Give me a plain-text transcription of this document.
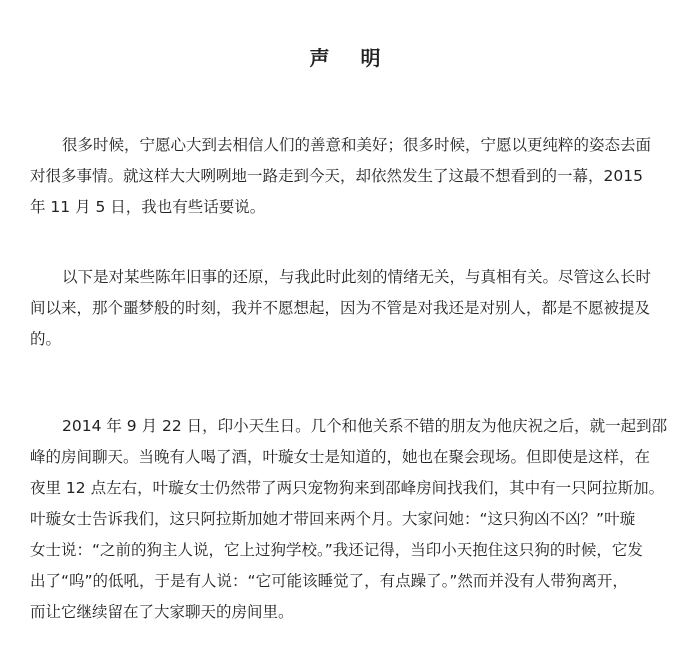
声 明
很多时候，宁愿心大到去相信人们的善意和美好；很多时候，宁愿以更纯粹的姿态去面
对很多事情。就这样大大咧咧地一路走到今天，却依然发生了这最不想看到的一幕，2015
年 11 月 5 日，我也有些话要说。
以下是对某些陈年旧事的还原，与我此时此刻的情绪无关，与真相有关。尽管这么长时
间以来，那个噩梦般的时刻，我并不愿想起，因为不管是对我还是对别人，都是不愿被提及
的。
2014 年 9 月 22 日，印小天生日。几个和他关系不错的朋友为他庆祝之后，就一起到邵
峰的房间聊天。当晚有人喝了酒，叶璇女士是知道的，她也在聚会现场。但即使是这样，在
夜里 12 点左右，叶璇女士仍然带了两只宠物狗来到邵峰房间找我们，其中有一只阿拉斯加。
叶璇女士告诉我们，这只阿拉斯加她才带回来两个月。大家问她：“这只狗凶不凶？”叶璇
女士说：“之前的狗主人说，它上过狗学校。”我还记得，当印小天抱住这只狗的时候，它发
出了“呜”的低吼，于是有人说：“它可能该睡觉了，有点躁了。”然而并没有人带狗离开，
而让它继续留在了大家聊天的房间里。
